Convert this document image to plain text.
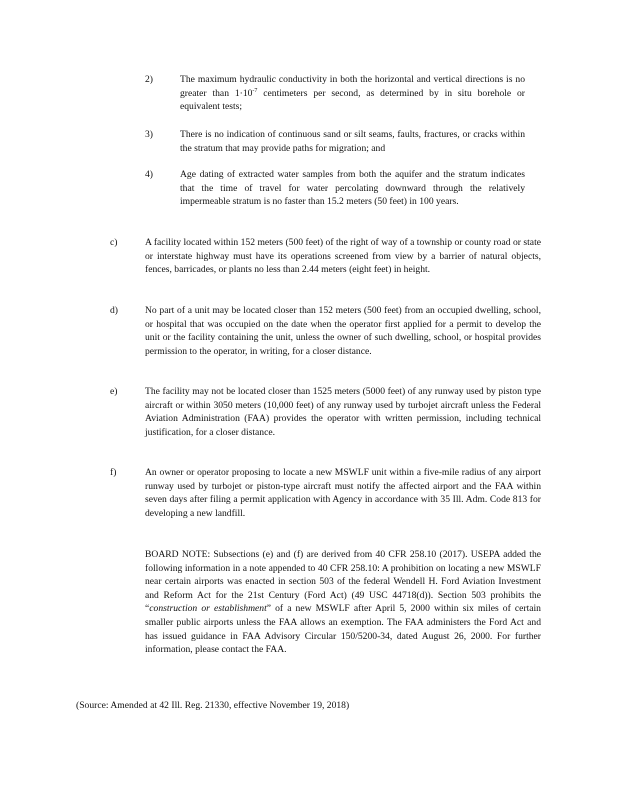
2)	The maximum hydraulic conductivity in both the horizontal and vertical directions is no greater than $1\cdot 10^{-7}$ centimeters per second, as determined by in situ borehole or equivalent tests;
3)	There is no indication of continuous sand or silt seams, faults, fractures, or cracks within the stratum that may provide paths for migration; and
4)	Age dating of extracted water samples from both the aquifer and the stratum indicates that the time of travel for water percolating downward through the relatively impermeable stratum is no faster than 15.2 meters (50 feet) in 100 years.
c)	A facility located within 152 meters (500 feet) of the right of way of a township or county road or state or interstate highway must have its operations screened from view by a barrier of natural objects, fences, barricades, or plants no less than 2.44 meters (eight feet) in height.
d)	No part of a unit may be located closer than 152 meters (500 feet) from an occupied dwelling, school, or hospital that was occupied on the date when the operator first applied for a permit to develop the unit or the facility containing the unit, unless the owner of such dwelling, school, or hospital provides permission to the operator, in writing, for a closer distance.
e)	The facility may not be located closer than 1525 meters (5000 feet) of any runway used by piston type aircraft or within 3050 meters (10,000 feet) of any runway used by turbojet aircraft unless the Federal Aviation Administration (FAA) provides the operator with written permission, including technical justification, for a closer distance.
f)	An owner or operator proposing to locate a new MSWLF unit within a five-mile radius of any airport runway used by turbojet or piston-type aircraft must notify the affected airport and the FAA within seven days after filing a permit application with Agency in accordance with 35 Ill. Adm. Code 813 for developing a new landfill.
BOARD NOTE: Subsections (e) and (f) are derived from 40 CFR 258.10 (2017). USEPA added the following information in a note appended to 40 CFR 258.10: A prohibition on locating a new MSWLF near certain airports was enacted in section 503 of the federal Wendell H. Ford Aviation Investment and Reform Act for the 21st Century (Ford Act) (49 USC 44718(d)). Section 503 prohibits the “construction or establishment” of a new MSWLF after April 5, 2000 within six miles of certain smaller public airports unless the FAA allows an exemption. The FAA administers the Ford Act and has issued guidance in FAA Advisory Circular 150/5200-34, dated August 26, 2000. For further information, please contact the FAA.
(Source: Amended at 42 Ill. Reg. 21330, effective November 19, 2018)
